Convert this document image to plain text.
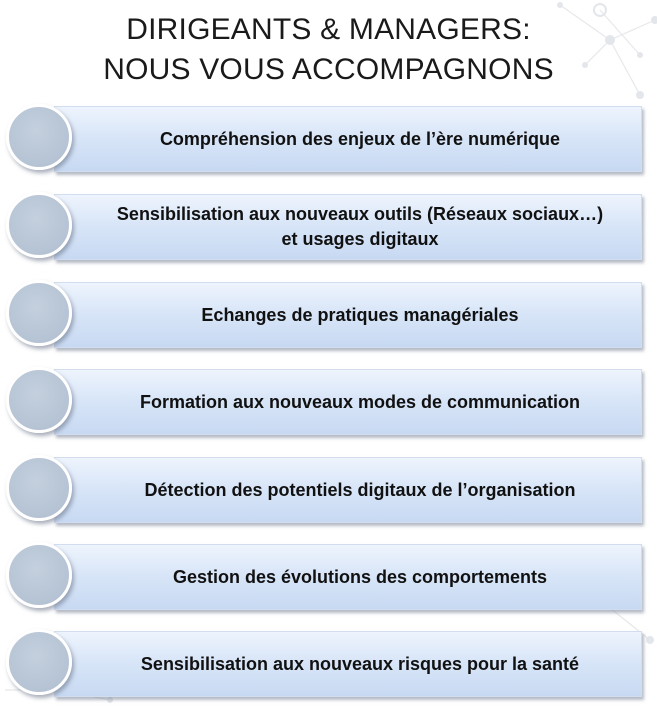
DIRIGEANTS & MANAGERS:
NOUS VOUS ACCOMPAGNONS
Compréhension des enjeux de l’ère numérique
Sensibilisation aux nouveaux outils (Réseaux sociaux…)
et usages digitaux
Echanges de pratiques managériales
Formation aux nouveaux modes de communication
Détection des potentiels digitaux de l’organisation
Gestion des évolutions des comportements
Sensibilisation aux nouveaux risques pour la santé
